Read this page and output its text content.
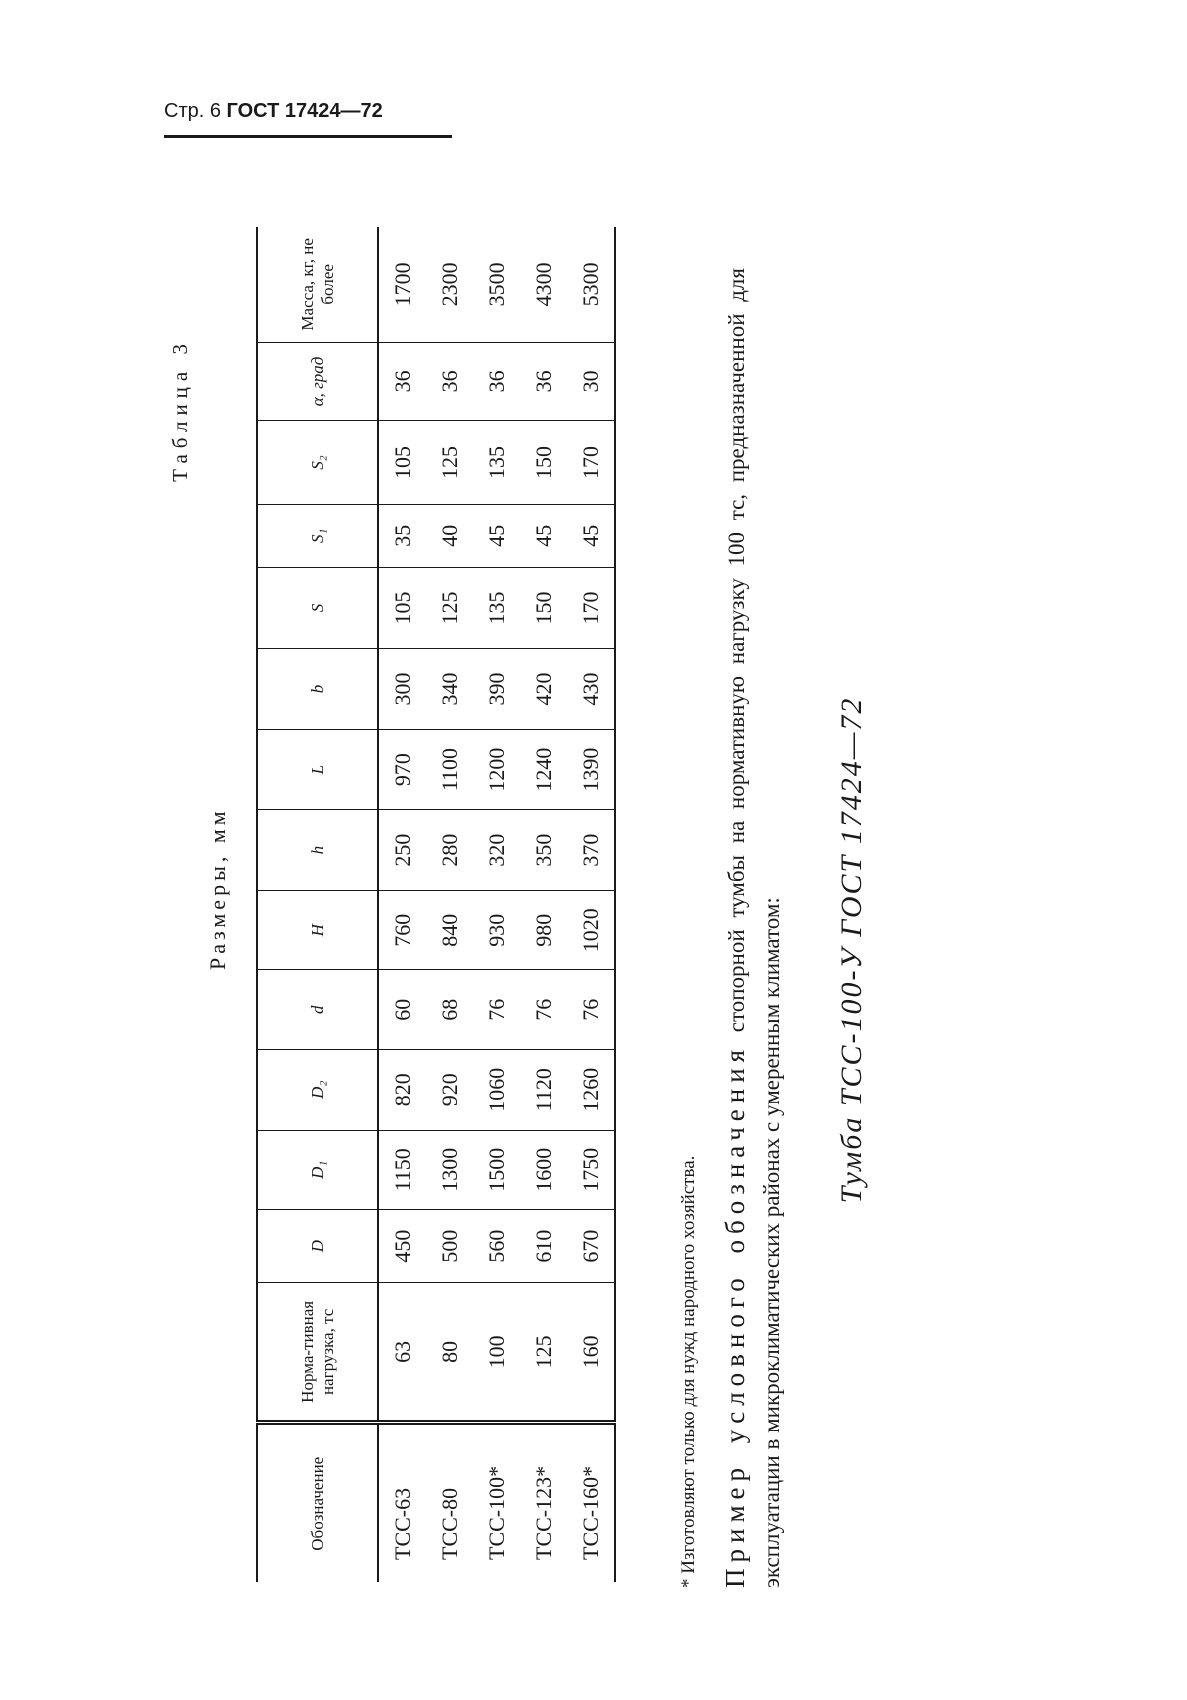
Стр. 6 ГОСТ 17424—72
Таблица 3
Размеры, мм
Обозначение	Норма-тивная нагрузка, тс	D	D₁	D₂	d	H	h	L	b	S	S₁	S₂	α, град	Масса, кг, не более
ТСС-63	63	450	1150	820	60	760	250	970	300	105	35	105	36	1700
ТСС-80	80	500	1300	920	68	840	280	1100	340	125	40	125	36	2300
ТСС-100*	100	560	1500	1060	76	930	320	1200	390	135	45	135	36	3500
ТСС-123*	125	610	1600	1120	76	980	350	1240	420	150	45	150	36	4300
ТСС-160*	160	670	1750	1260	76	1020	370	1390	430	170	45	170	30	5300
* Изготовляют только для нужд народного хозяйства. Пример условного обозначения стопорной тумбы на нормативную нагрузку 100 тс, предназначенной для эксплуатации в микроклиматических районах с умеренным климатом: Тумба ТСС-100-У ГОСТ 17424—72
